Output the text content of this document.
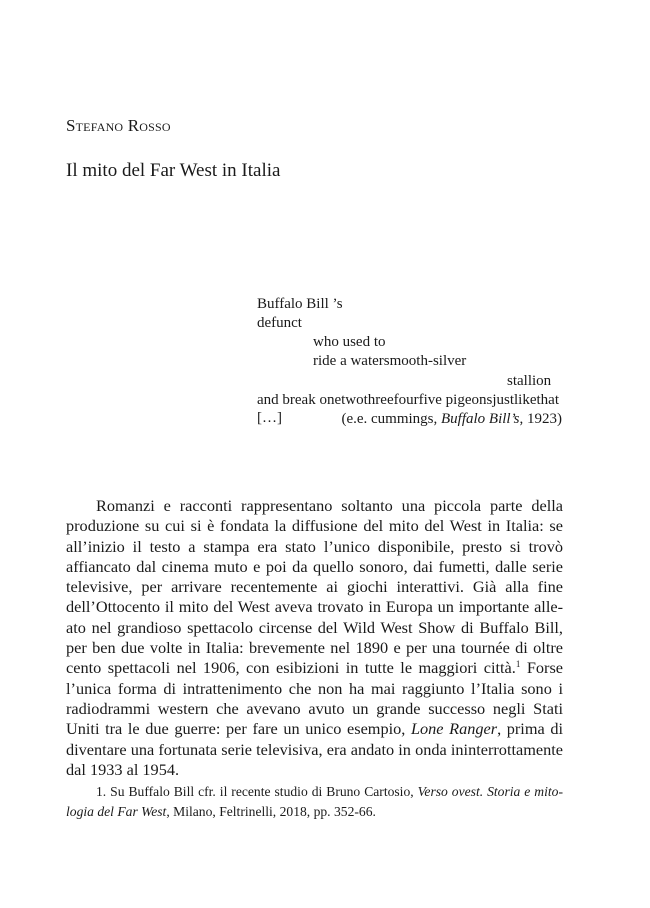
Stefano Rosso
Il mito del Far West in Italia
Buffalo Bill ’s
defunct
who used to
ride a watersmooth-silver
stallion
and break onetwothreefourfive pigeonsjustlikethat
[…]	(e.e. cummings, Buffalo Bill’s, 1923)

Romanzi e racconti rappresentano soltanto una piccola parte della produzione su cui si è fondata la diffusione del mito del West in Italia: se all’inizio il testo a stampa era stato l’unico disponibile, presto si trovò affiancato dal cinema muto e poi da quello sonoro, dai fumetti, dalle serie televisive, per arrivare recentemente ai giochi interattivi. Già alla fine dell’Ottocento il mito del West aveva trovato in Europa un importante alleato nel grandioso spettacolo circense del Wild West Show di Buffalo Bill, per ben due volte in Italia: brevemente nel 1890 e per una tournée di oltre cento spettacoli nel 1906, con esibizioni in tutte le maggiori città.$^1$ Forse l’unica forma di intrattenimento che non ha mai raggiunto l’Italia sono i radiodrammi western che avevano avuto un grande successo negli Stati Uniti tra le due guerre: per fare un unico esempio, Lone Ranger, prima di diventare una fortunata serie televisiva, era andato in onda ininterrottamente dal 1933 al 1954.

1. Su Buffalo Bill cfr. il recente studio di Bruno Cartosio, Verso ovest. Storia e mitologia del Far West, Milano, Feltrinelli, 2018, pp. 352-66.
